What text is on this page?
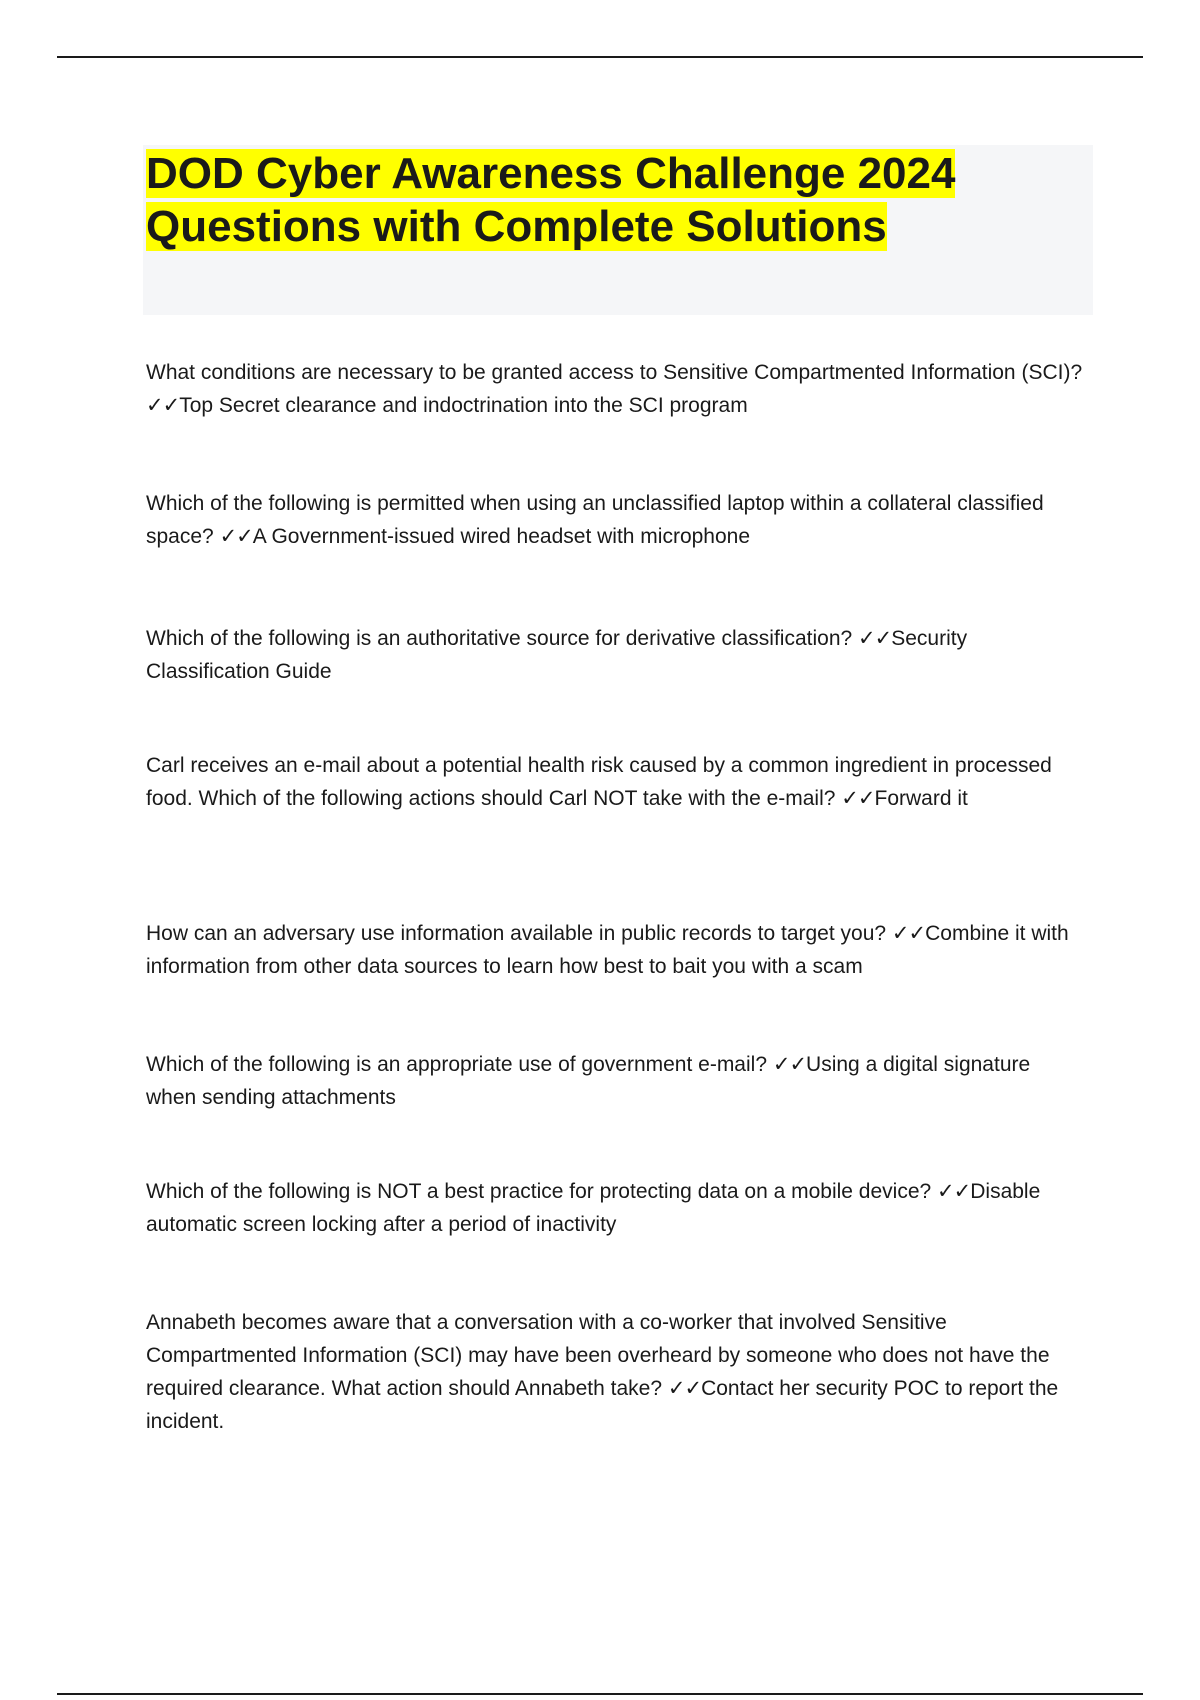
DOD Cyber Awareness Challenge 2024 Questions with Complete Solutions

What conditions are necessary to be granted access to Sensitive Compartmented Information (SCI)? ✓✓Top Secret clearance and indoctrination into the SCI program

Which of the following is permitted when using an unclassified laptop within a collateral classified space? ✓✓A Government-issued wired headset with microphone

Which of the following is an authoritative source for derivative classification? ✓✓Security Classification Guide

Carl receives an e-mail about a potential health risk caused by a common ingredient in processed food. Which of the following actions should Carl NOT take with the e-mail? ✓✓Forward it

How can an adversary use information available in public records to target you? ✓✓Combine it with information from other data sources to learn how best to bait you with a scam

Which of the following is an appropriate use of government e-mail? ✓✓Using a digital signature when sending attachments

Which of the following is NOT a best practice for protecting data on a mobile device? ✓✓Disable automatic screen locking after a period of inactivity

Annabeth becomes aware that a conversation with a co-worker that involved Sensitive Compartmented Information (SCI) may have been overheard by someone who does not have the required clearance. What action should Annabeth take? ✓✓Contact her security POC to report the incident.
